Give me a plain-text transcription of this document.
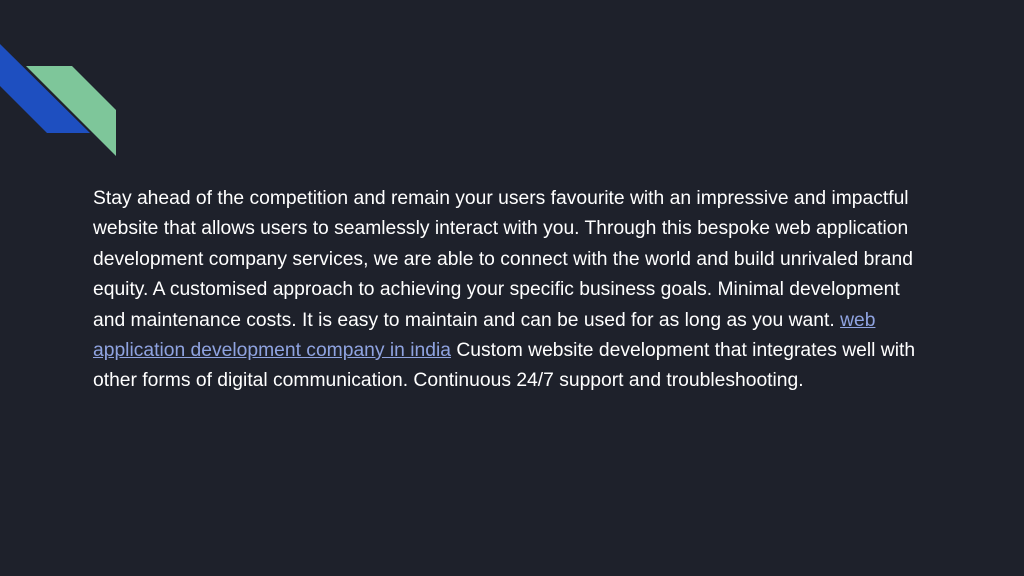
Stay ahead of the competition and remain your users favourite with an impressive and impactful website that allows users to seamlessly interact with you. Through this bespoke web application development company services, we are able to connect with the world and build unrivaled brand equity. A customised approach to achieving your specific business goals. Minimal development and maintenance costs. It is easy to maintain and can be used for as long as you want. web application development company in india Custom website development that integrates well with other forms of digital communication. Continuous 24/7 support and troubleshooting.
